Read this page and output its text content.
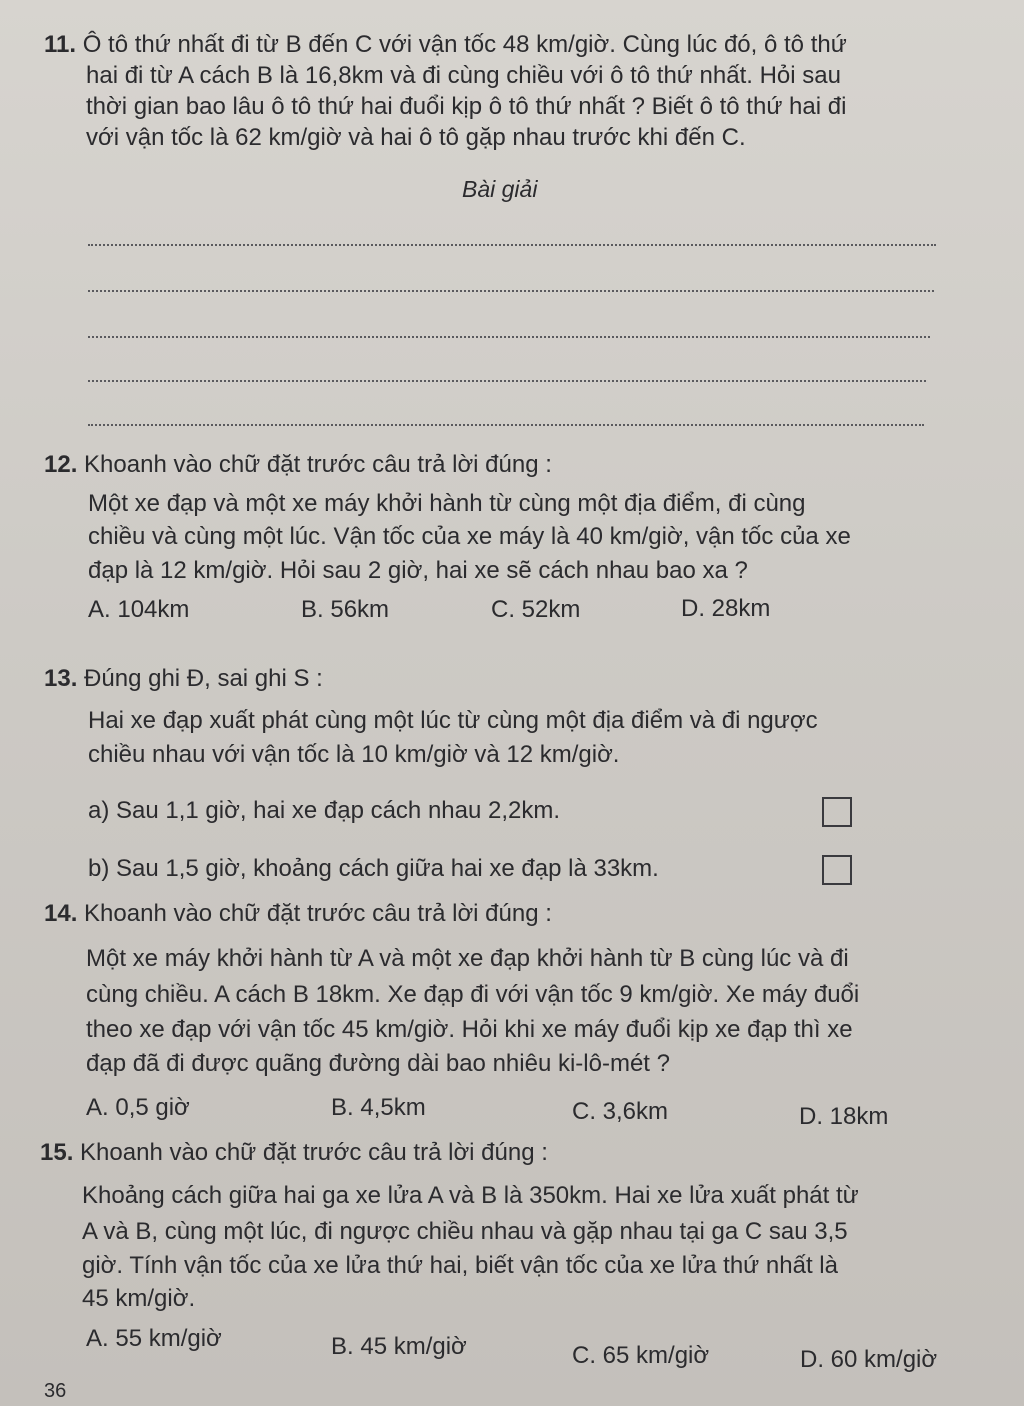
11. Ô tô thứ nhất đi từ B đến C với vận tốc 48 km/giờ. Cùng lúc đó, ô tô thứ
hai đi từ A cách B là 16,8km và đi cùng chiều với ô tô thứ nhất. Hỏi sau
thời gian bao lâu ô tô thứ hai đuổi kịp ô tô thứ nhất ? Biết ô tô thứ hai đi
với vận tốc là 62 km/giờ và hai ô tô gặp nhau trước khi đến C.
Bài giải
12. Khoanh vào chữ đặt trước câu trả lời đúng :
Một xe đạp và một xe máy khởi hành từ cùng một địa điểm, đi cùng
chiều và cùng một lúc. Vận tốc của xe máy là 40 km/giờ, vận tốc của xe
đạp là 12 km/giờ. Hỏi sau 2 giờ, hai xe sẽ cách nhau bao xa ?
A. 104km	B. 56km	C. 52km	D. 28km
13. Đúng ghi Đ, sai ghi S :
Hai xe đạp xuất phát cùng một lúc từ cùng một địa điểm và đi ngược
chiều nhau với vận tốc là 10 km/giờ và 12 km/giờ.
a) Sau 1,1 giờ, hai xe đạp cách nhau 2,2km.
b) Sau 1,5 giờ, khoảng cách giữa hai xe đạp là 33km.
14. Khoanh vào chữ đặt trước câu trả lời đúng :
Một xe máy khởi hành từ A và một xe đạp khởi hành từ B cùng lúc và đi
cùng chiều. A cách B 18km. Xe đạp đi với vận tốc 9 km/giờ. Xe máy đuổi
theo xe đạp với vận tốc 45 km/giờ. Hỏi khi xe máy đuổi kịp xe đạp thì xe
đạp đã đi được quãng đường dài bao nhiêu ki-lô-mét ?
A. 0,5 giờ	B. 4,5km	C. 3,6km	D. 18km
15. Khoanh vào chữ đặt trước câu trả lời đúng :
Khoảng cách giữa hai ga xe lửa A và B là 350km. Hai xe lửa xuất phát từ
A và B, cùng một lúc, đi ngược chiều nhau và gặp nhau tại ga C sau 3,5
giờ. Tính vận tốc của xe lửa thứ hai, biết vận tốc của xe lửa thứ nhất là
45 km/giờ.
A. 55 km/giờ	B. 45 km/giờ	C. 65 km/giờ	D. 60 km/giờ
36
